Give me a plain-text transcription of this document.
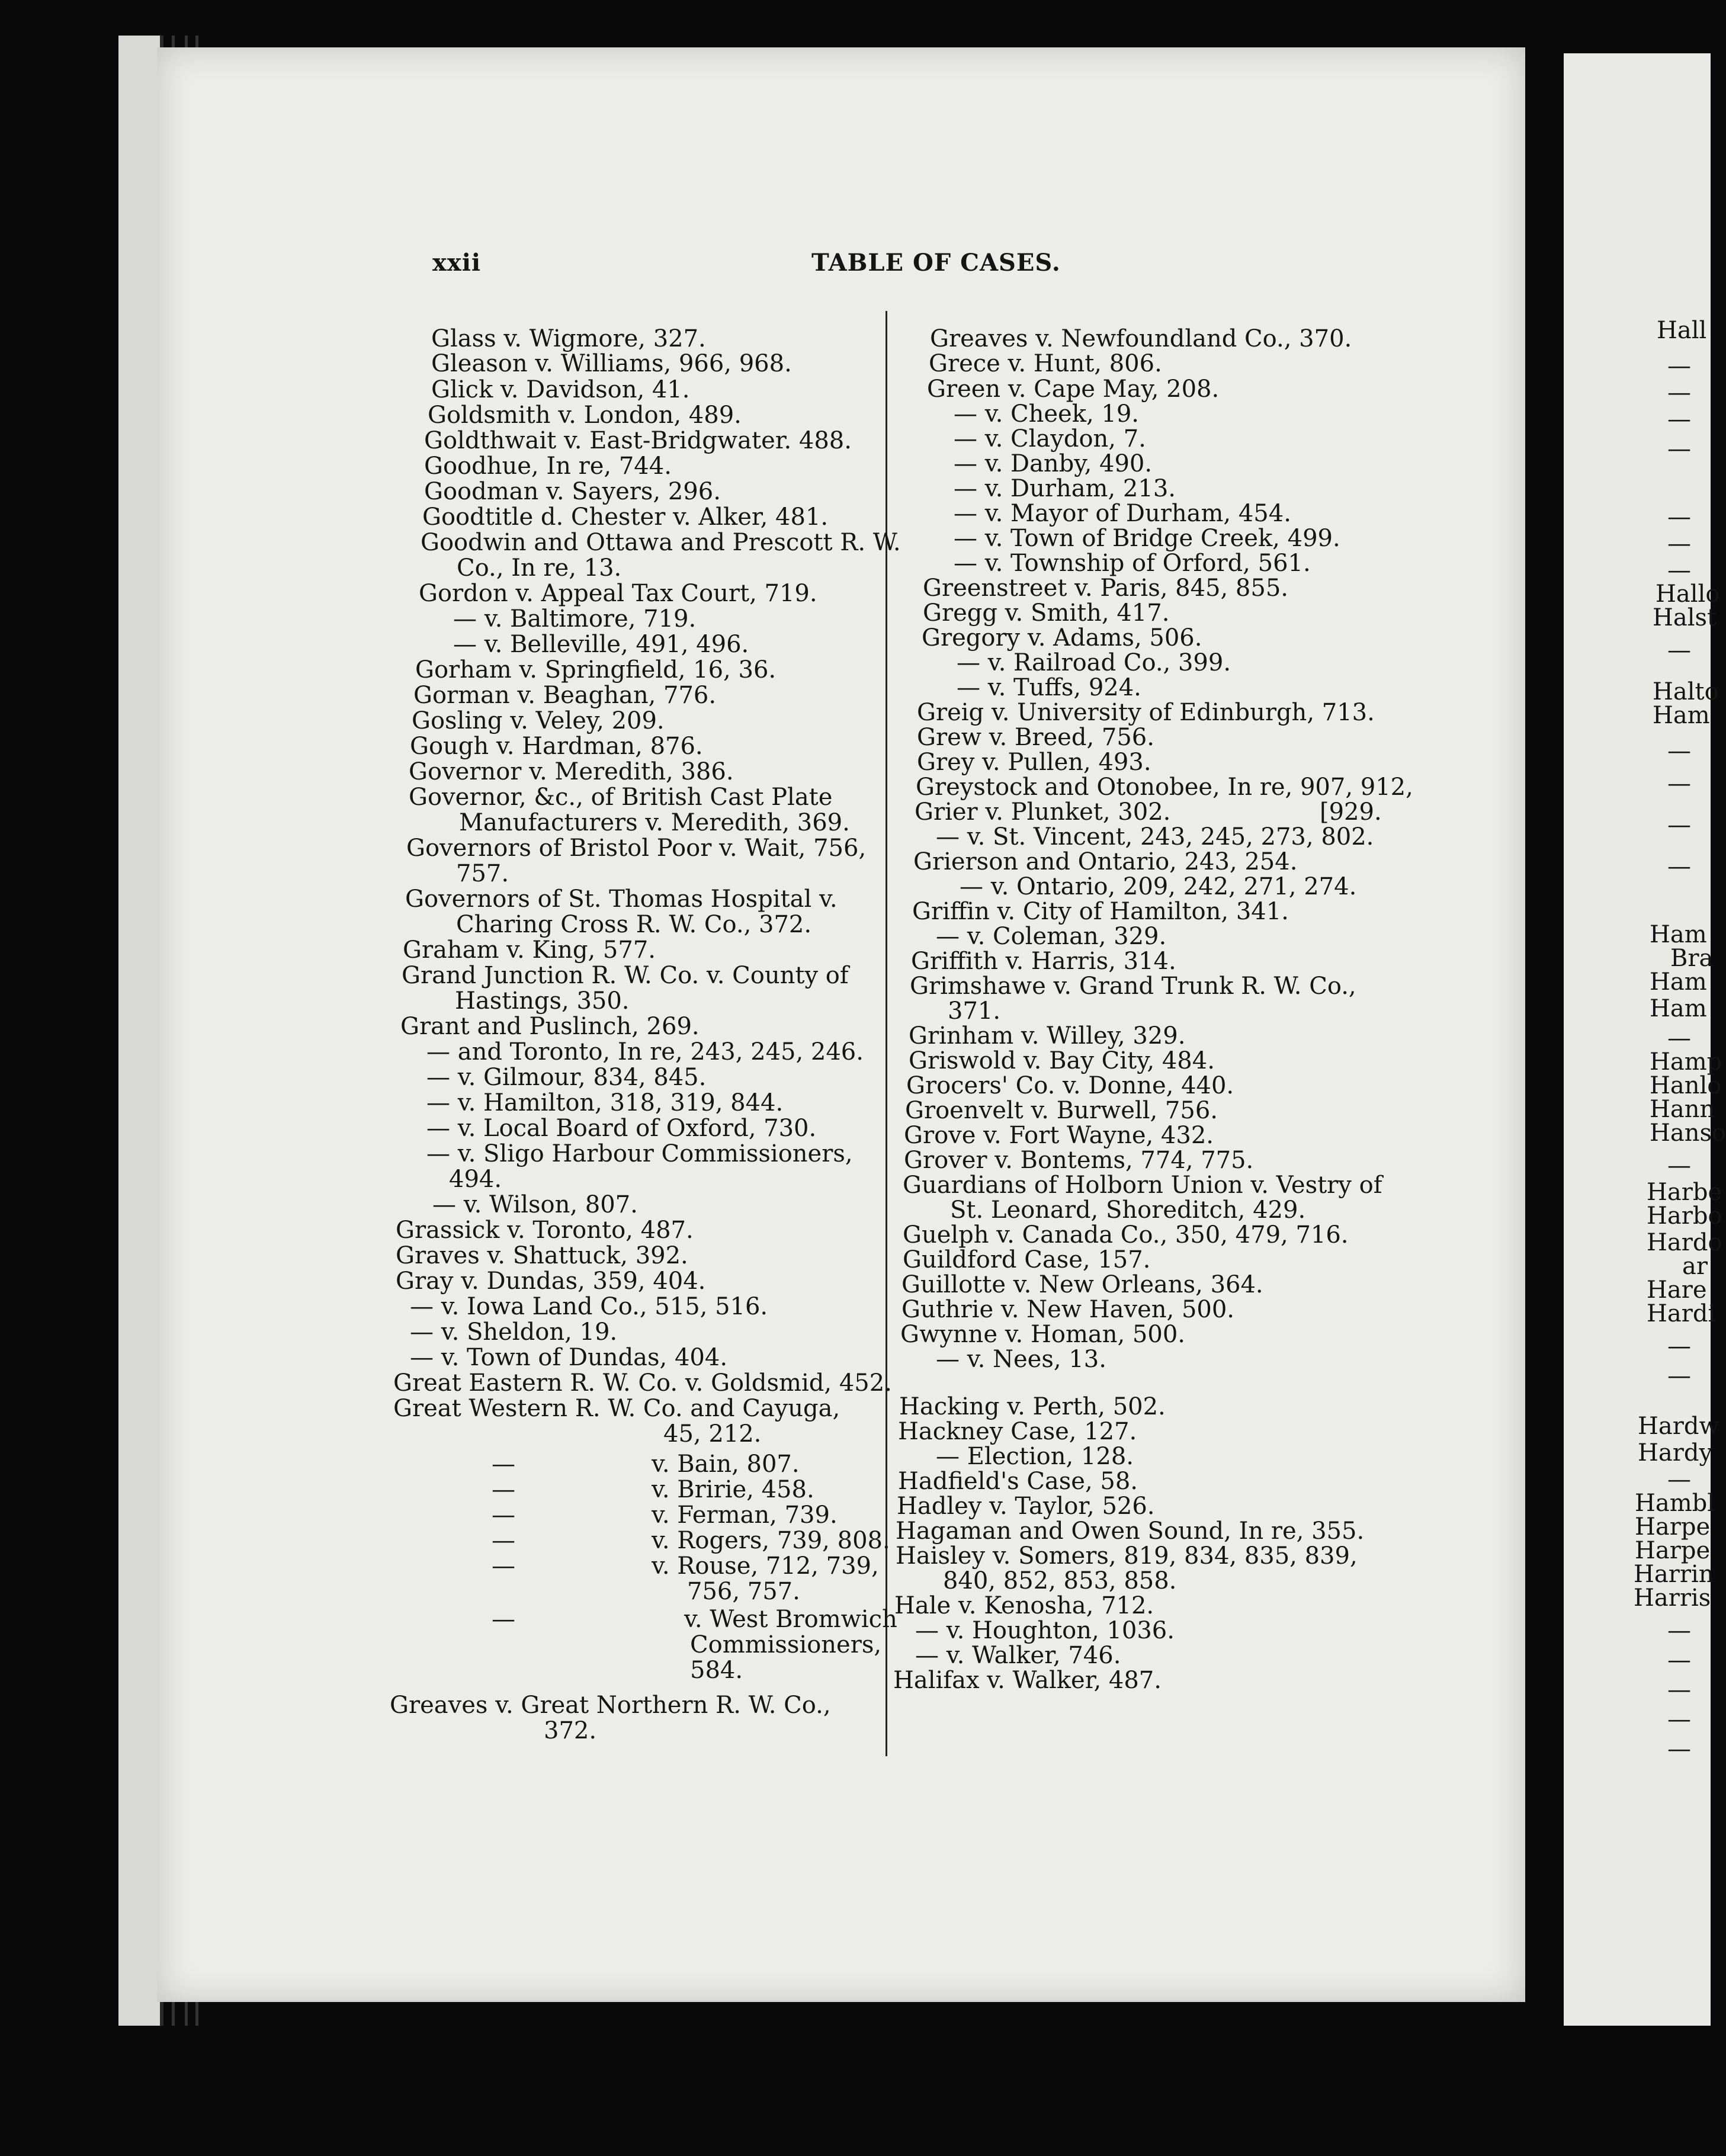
xxii	TABLE OF CASES.
Glass v. Wigmore, 327.
Gleason v. Williams, 966, 968.
Glick v. Davidson, 41.
Goldsmith v. London, 489.
Goldthwait v. East-Bridgwater. 488.
Goodhue, In re, 744.
Goodman v. Sayers, 296.
Goodtitle d. Chester v. Alker, 481.
Goodwin and Ottawa and Prescott R. W.
Co., In re, 13.
Gordon v. Appeal Tax Court, 719.
— v. Baltimore, 719.
— v. Belleville, 491, 496.
Gorham v. Springfield, 16, 36.
Gorman v. Beaghan, 776.
Gosling v. Veley, 209.
Gough v. Hardman, 876.
Governor v. Meredith, 386.
Governor, &c., of British Cast Plate
Manufacturers v. Meredith, 369.
Governors of Bristol Poor v. Wait, 756,
757.
Governors of St. Thomas Hospital v.
Charing Cross R. W. Co., 372.
Graham v. King, 577.
Grand Junction R. W. Co. v. County of
Hastings, 350.
Grant and Puslinch, 269.
— and Toronto, In re, 243, 245, 246.
— v. Gilmour, 834, 845.
— v. Hamilton, 318, 319, 844.
— v. Local Board of Oxford, 730.
— v. Sligo Harbour Commissioners,
494.
— v. Wilson, 807.
Grassick v. Toronto, 487.
Graves v. Shattuck, 392.
Gray v. Dundas, 359, 404.
— v. Iowa Land Co., 515, 516.
— v. Sheldon, 19.
— v. Town of Dundas, 404.
Great Eastern R. W. Co. v. Goldsmid, 452.
Great Western R. W. Co. and Cayuga,
45, 212.
—	v. Bain, 807.
—	v. Bririe, 458.
—	v. Ferman, 739.
—	v. Rogers, 739, 808.
—	v. Rouse, 712, 739,
756, 757.
—	v. West Bromwich
Commissioners,
584.
Greaves v. Great Northern R. W. Co.,
372.
Greaves v. Newfoundland Co., 370.
Grece v. Hunt, 806.
Green v. Cape May, 208.
— v. Cheek, 19.
— v. Claydon, 7.
— v. Danby, 490.
— v. Durham, 213.
— v. Mayor of Durham, 454.
— v. Town of Bridge Creek, 499.
— v. Township of Orford, 561.
Greenstreet v. Paris, 845, 855.
Gregg v. Smith, 417.
Gregory v. Adams, 506.
— v. Railroad Co., 399.
— v. Tuffs, 924.
Greig v. University of Edinburgh, 713.
Grew v. Breed, 756.
Grey v. Pullen, 493.
Greystock and Otonobee, In re, 907, 912,
Grier v. Plunket, 302.	[929.
— v. St. Vincent, 243, 245, 273, 802.
Grierson and Ontario, 243, 254.
— v. Ontario, 209, 242, 271, 274.
Griffin v. City of Hamilton, 341.
— v. Coleman, 329.
Griffith v. Harris, 314.
Grimshawe v. Grand Trunk R. W. Co.,
371.
Grinham v. Willey, 329.
Griswold v. Bay City, 484.
Grocers' Co. v. Donne, 440.
Groenvelt v. Burwell, 756.
Grove v. Fort Wayne, 432.
Grover v. Bontems, 774, 775.
Guardians of Holborn Union v. Vestry of
St. Leonard, Shoreditch, 429.
Guelph v. Canada Co., 350, 479, 716.
Guildford Case, 157.
Guillotte v. New Orleans, 364.
Guthrie v. New Haven, 500.
Gwynne v. Homan, 500.
— v. Nees, 13.
Hacking v. Perth, 502.
Hackney Case, 127.
— Election, 128.
Hadfield's Case, 58.
Hadley v. Taylor, 526.
Hagaman and Owen Sound, In re, 355.
Haisley v. Somers, 819, 834, 835, 839,
840, 852, 853, 858.
Hale v. Kenosha, 712.
— v. Houghton, 1036.
— v. Walker, 746.
Halifax v. Walker, 487.
Hall
—
—
—
—
—
—
—
Hallo
Halst
—
Halto
Ham
—
—
—
—
Ham
Bra
Ham
Ham
—
Hamp
Hanlo
Hann
Hanso
—
Harbe
Harbo
Hardo
ar
Hare
Hardi
—
—
Hardw
Hardy
—
Hambl
Harpe
Harpe
Harrin
Harris
—
—
—
—
—
